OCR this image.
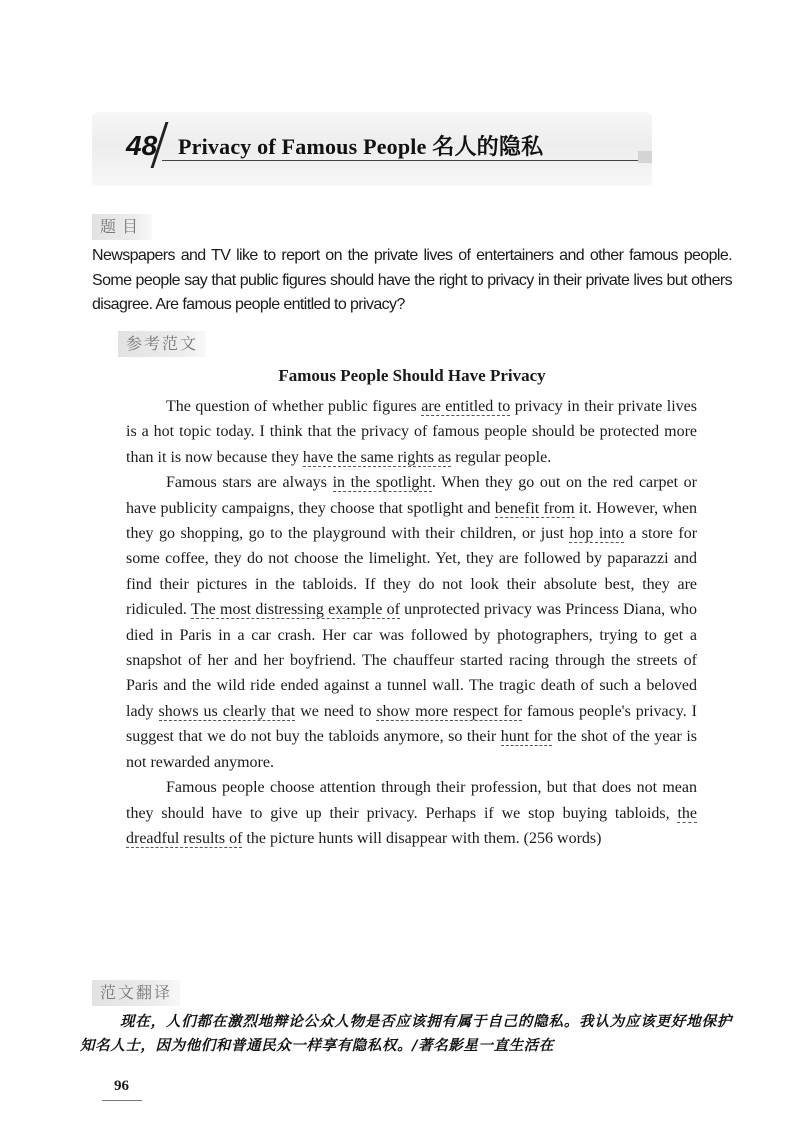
48 Privacy of Famous People 名人的隐私
题目
Newspapers and TV like to report on the private lives of entertainers and other famous people. Some people say that public figures should have the right to privacy in their private lives but others disagree. Are famous people entitled to privacy?
参考范文
Famous People Should Have Privacy

The question of whether public figures are entitled to privacy in their private lives is a hot topic today. I think that the privacy of famous people should be protected more than it is now because they have the same rights as regular people.

Famous stars are always in the spotlight. When they go out on the red carpet or have publicity campaigns, they choose that spotlight and benefit from it. However, when they go shopping, go to the playground with their children, or just hop into a store for some coffee, they do not choose the limelight. Yet, they are followed by paparazzi and find their pictures in the tabloids. If they do not look their absolute best, they are ridiculed. The most distressing example of unprotected privacy was Princess Diana, who died in Paris in a car crash. Her car was followed by photographers, trying to get a snapshot of her and her boyfriend. The chauffeur started racing through the streets of Paris and the wild ride ended against a tunnel wall. The tragic death of such a beloved lady shows us clearly that we need to show more respect for famous people's privacy. I suggest that we do not buy the tabloids anymore, so their hunt for the shot of the year is not rewarded anymore.

Famous people choose attention through their profession, but that does not mean they should have to give up their privacy. Perhaps if we stop buying tabloids, the dreadful results of the picture hunts will disappear with them. (256 words)

范文翻译
现在，人们都在激烈地辩论公众人物是否应该拥有属于自己的隐私。我认为应该更好地保护知名人士，因为他们和普通民众一样享有隐私权。/著名影星一直生活在
96
